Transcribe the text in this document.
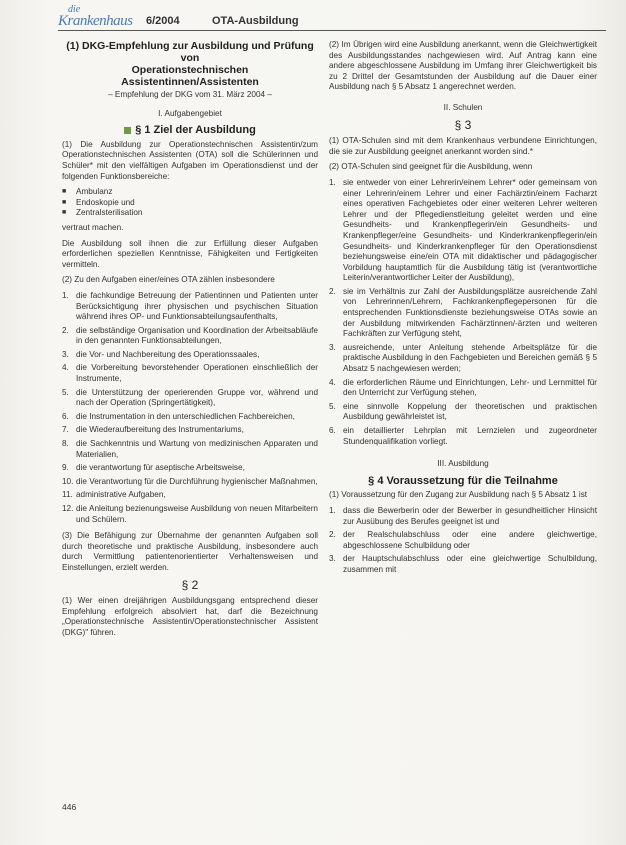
die
Krankenhaus 6/2004	OTA-Ausbildung
(1) DKG-Empfehlung zur Ausbildung und Prüfung von
Operationstechnischen Assistentinnen/Assistenten
– Empfehlung der DKG vom 31. März 2004 –
I. Aufgabengebiet
§ 1 Ziel der Ausbildung

(1) Die Ausbildung zur Operationstechnischen Assistentin/zum Operationstechnischen Assistenten (OTA) soll die Schülerinnen und Schüler* mit den vielfältigen Aufgaben im Operationsdienst und der folgenden Funktionsbereiche:

■	Ambulanz
■	Endoskopie und
■	Zentralsterilisation

vertraut machen.

Die Ausbildung soll ihnen die zur Erfüllung dieser Aufgaben erforderlichen speziellen Kenntnisse, Fähigkeiten und Fertigkeiten vermitteln.

(2) Zu den Aufgaben einer/eines OTA zählen insbesondere

1. die fachkundige Betreuung der Patientinnen und Patienten unter Berücksichtigung ihrer physischen und psychischen Situation während ihres OP- und Funktionsabteilungsaufenthalts,
2. die selbständige Organisation und Koordination der Arbeitsabläufe in den genannten Funktionsabteilungen,
3. die Vor- und Nachbereitung des Operationssaales,
4. die Vorbereitung bevorstehender Operationen einschließlich der Instrumente,
5. die Unterstützung der operierenden Gruppe vor, während und nach der Operation (Springertätigkeit),
6. die Instrumentation in den unterschiedlichen Fachbereichen,
7. die Wiederaufbereitung des Instrumentariums,
8. die Sachkenntnis und Wartung von medizinischen Apparaten und Materialien,
9. die verantwortung für aseptische Arbeitsweise,
10. die Verantwortung für die Durchführung hygienischer Maßnahmen,
11. administrative Aufgaben,
12. die Anleitung bezienungsweise Ausbildung von neuen Mitarbeitern und Schülern.

(3) Die Befähigung zur Übernahme der genannten Aufgaben soll durch theoretische und praktische Ausbildung, insbesondere auch durch Vermittlung patientenorientierter Verhaltensweisen und Einstellungen, erzielt werden.

§ 2

(1) Wer einen dreijährigen Ausbildungsgang entsprechend dieser Empfehlung erfolgreich absolviert hat, darf die Bezeichnung „Operationstechnische Assistentin/Operationstechnischer Assistent (DKG)" führen.

(2) Im Übrigen wird eine Ausbildung anerkannt, wenn die Gleichwertigkeit des Ausbildungsstandes nachgewiesen wird. Auf Antrag kann eine andere abgeschlossene Ausbildung im Umfang ihrer Gleichwertigkeit bis zu 2 Drittel der Gesamtstunden der Ausbildung auf die Dauer einer Ausbildung nach § 5 Absatz 1 angerechnet werden.

II. Schulen
§ 3

(1) OTA-Schulen sind mit dem Krankenhaus verbundene Einrichtungen, die sie zur Ausbildung geeignet anerkannt worden sind.*

(2) OTA-Schulen sind geeignet für die Ausbildung, wenn

1. sie entweder von einer Lehrerin/einem Lehrer* oder gemeinsam von einer Lehrerin/einem Lehrer und einer Fachärztin/einem Facharzt eines operativen Fachgebietes oder einer weiteren Lehrer weiteren Lehrer und der Pflegedienstleitung geleitet werden und eine Gesundheits- und Krankenpflegerin/ein Gesundheits- und Krankenpfleger/eine Gesundheits- und Kinderkrankenpflegerin/ein Gesundheits- und Kinderkrankenpfleger für den Operationsdienst beziehungsweise eine/ein OTA mit didaktischer und pädagogischer Vorbildung hauptamtlich für die Ausbildung tätig ist (verantwortliche Leiterin/verantwortlicher Leiter der Ausbildung),
2. sie im Verhältnis zur Zahl der Ausbildungsplätze ausreichende Zahl von Lehrerinnen/Lehrern, Fachkrankenpflegepersonen für die entsprechenden Funktionsdienste beziehungsweise OTAs sowie an der Ausbildung mitwirkenden Fachärztinnen/-ärzten und weiteren Fachkräften zur Verfügung steht,
3. ausreichende, unter Anleitung stehende Arbeitsplätze für die praktische Ausbildung in den Fachgebieten und Bereichen gemäß § 5 Absatz 5 nachgewiesen werden;
4. die erforderlichen Räume und Einrichtungen, Lehr- und Lernmittel für den Unterricht zur Verfügung stehen,
5. eine sinnvolle Koppelung der theoretischen und praktischen Ausbildung gewährleistet ist,
6. ein detaillierter Lehrplan mit Lernzielen und zugeordneter Stundenqualifikation vorliegt.
III. Ausbildung
§ 4 Voraussetzung für die Teilnahme

(1) Voraussetzung für den Zugang zur Ausbildung nach § 5 Absatz 1 ist

1. dass die Bewerberin oder der Bewerber in gesundheitlicher Hinsicht zur Ausübung des Berufes geeignet ist und
2. der Realschulabschluss oder eine andere gleichwertige, abgeschlossene Schulbildung oder
3. der Hauptschulabschluss oder eine gleichwertige Schulbildung, zusammen mit
446
